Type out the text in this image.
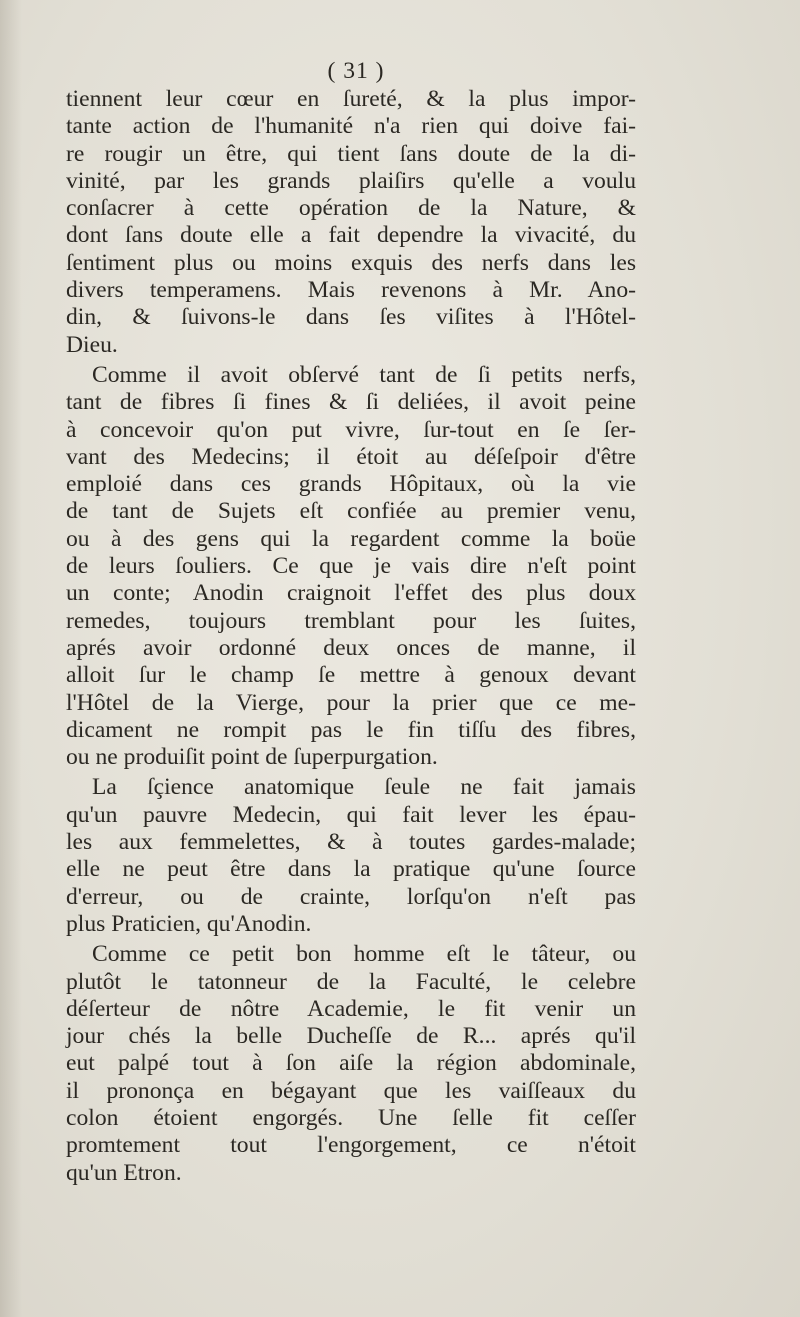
( 31 )
tiennent leur cœur en ſureté, & la plus impor-
tante action de l'humanité n'a rien qui doive fai-
re rougir un être, qui tient ſans doute de la di-
vinité, par les grands plaiſirs qu'elle a voulu
conſacrer à cette opération de la Nature, &
dont ſans doute elle a fait dependre la vivacité, du
ſentiment plus ou moins exquis des nerfs dans les
divers temperamens. Mais revenons à Mr. Ano-
din, & ſuivons-le dans ſes viſites à l'Hôtel-
Dieu.
Comme il avoit obſervé tant de ſi petits nerfs,
tant de fibres ſi fines & ſi deliées, il avoit peine
à concevoir qu'on put vivre, ſur-tout en ſe ſer-
vant des Medecins; il étoit au déſeſpoir d'être
emploié dans ces grands Hôpitaux, où la vie
de tant de Sujets eſt confiée au premier venu,
ou à des gens qui la regardent comme la boüe
de leurs ſouliers. Ce que je vais dire n'eſt point
un conte; Anodin craignoit l'effet des plus doux
remedes, toujours tremblant pour les ſuites,
aprés avoir ordonné deux onces de manne, il
alloit ſur le champ ſe mettre à genoux devant
l'Hôtel de la Vierge, pour la prier que ce me-
dicament ne rompit pas le fin tiſſu des fibres,
ou ne produiſit point de ſuperpurgation.
La ſçience anatomique ſeule ne fait jamais
qu'un pauvre Medecin, qui fait lever les épau-
les aux femmelettes, & à toutes gardes-malade;
elle ne peut être dans la pratique qu'une ſource
d'erreur, ou de crainte, lorſqu'on n'eſt pas
plus Praticien, qu'Anodin.
Comme ce petit bon homme eſt le tâteur, ou
plutôt le tatonneur de la Faculté, le celebre
déſerteur de nôtre Academie, le fit venir un
jour chés la belle Ducheſſe de R... aprés qu'il
eut palpé tout à ſon aiſe la région abdominale,
il prononça en bégayant que les vaiſſeaux du
colon étoient engorgés. Une ſelle fit ceſſer
promtement tout l'engorgement, ce n'étoit
qu'un Etron.
